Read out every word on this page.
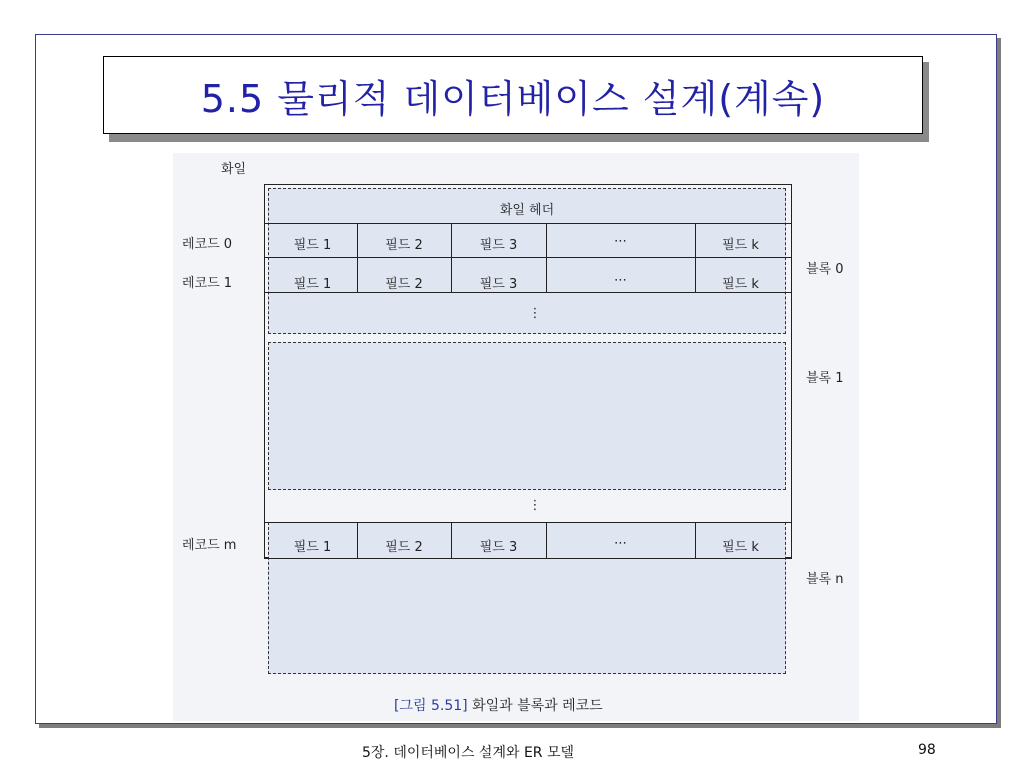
5.5 물리적 데이터베이스 설계(계속)
화일
화일 헤더
레코드 0	필드 1	필드 2	필드 3	⋯	필드 k
레코드 1	필드 1	필드 2	필드 3	⋯	필드 k
⋮
블록 0
블록 1
⋮
레코드 m	필드 1	필드 2	필드 3	⋯	필드 k
블록 n
[그림 5.51] 화일과 블록과 레코드
5장. 데이터베이스 설계와 ER 모델	98
